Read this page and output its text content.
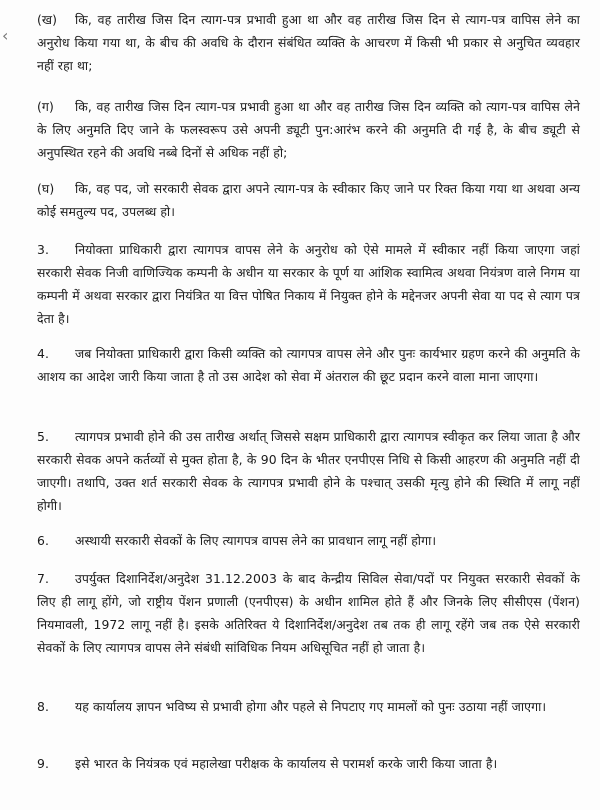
‹

(ख) कि, वह तारीख जिस दिन त्याग-पत्र प्रभावी हुआ था और वह तारीख जिस दिन से त्याग-पत्र वापिस लेने का अनुरोध किया गया था, के बीच की अवधि के दौरान संबंधित व्यक्ति के आचरण में किसी भी प्रकार से अनुचित व्यवहार नहीं रहा था;

(ग) कि, वह तारीख जिस दिन त्याग-पत्र प्रभावी हुआ था और वह तारीख जिस दिन व्यक्ति को त्याग-पत्र वापिस लेने के लिए अनुमति दिए जाने के फलस्वरूप उसे अपनी ड्यूटी पुन:आरंभ करने की अनुमति दी गई है, के बीच ड्यूटी से अनुपस्थित रहने की अवधि नब्बे दिनों से अधिक नहीं हो;

(घ) कि, वह पद, जो सरकारी सेवक द्वारा अपने त्याग-पत्र के स्वीकार किए जाने पर रिक्त किया गया था अथवा अन्य कोई समतुल्य पद, उपलब्ध हो।

3. नियोक्ता प्राधिकारी द्वारा त्यागपत्र वापस लेने के अनुरोध को ऐसे मामले में स्वीकार नहीं किया जाएगा जहां सरकारी सेवक निजी वाणिज्यिक कम्पनी के अधीन या सरकार के पूर्ण या आंशिक स्वामित्व अथवा नियंत्रण वाले निगम या कम्पनी में अथवा सरकार द्वारा नियंत्रित या वित्त पोषित निकाय में नियुक्त होने के मद्देनजर अपनी सेवा या पद से त्याग पत्र देता है।

4. जब नियोक्ता प्राधिकारी द्वारा किसी व्यक्ति को त्यागपत्र वापस लेने और पुनः कार्यभार ग्रहण करने की अनुमति के आशय का आदेश जारी किया जाता है तो उस आदेश को सेवा में अंतराल की छूट प्रदान करने वाला माना जाएगा।

5. त्यागपत्र प्रभावी होने की उस तारीख अर्थात् जिससे सक्षम प्राधिकारी द्वारा त्यागपत्र स्वीकृत कर लिया जाता है और सरकारी सेवक अपने कर्तव्यों से मुक्त होता है, के 90 दिन के भीतर एनपीएस निधि से किसी आहरण की अनुमति नहीं दी जाएगी। तथापि, उक्त शर्त सरकारी सेवक के त्यागपत्र प्रभावी होने के पश्चात् उसकी मृत्यु होने की स्थिति में लागू नहीं होगी।

6. अस्थायी सरकारी सेवकों के लिए त्यागपत्र वापस लेने का प्रावधान लागू नहीं होगा।

7. उपर्युक्त दिशानिर्देश/अनुदेश 31.12.2003 के बाद केन्द्रीय सिविल सेवा/पदों पर नियुक्त सरकारी सेवकों के लिए ही लागू होंगे, जो राष्ट्रीय पेंशन प्रणाली (एनपीएस) के अधीन शामिल होते हैं और जिनके लिए सीसीएस (पेंशन) नियमावली, 1972 लागू नहीं है। इसके अतिरिक्त ये दिशानिर्देश/अनुदेश तब तक ही लागू रहेंगे जब तक ऐसे सरकारी सेवकों के लिए त्यागपत्र वापस लेने संबंधी सांविधिक नियम अधिसूचित नहीं हो जाता है।

8. यह कार्यालय ज्ञापन भविष्य से प्रभावी होगा और पहले से निपटाए गए मामलों को पुनः उठाया नहीं जाएगा।

9. इसे भारत के नियंत्रक एवं महालेखा परीक्षक के कार्यालय से परामर्श करके जारी किया जाता है।
